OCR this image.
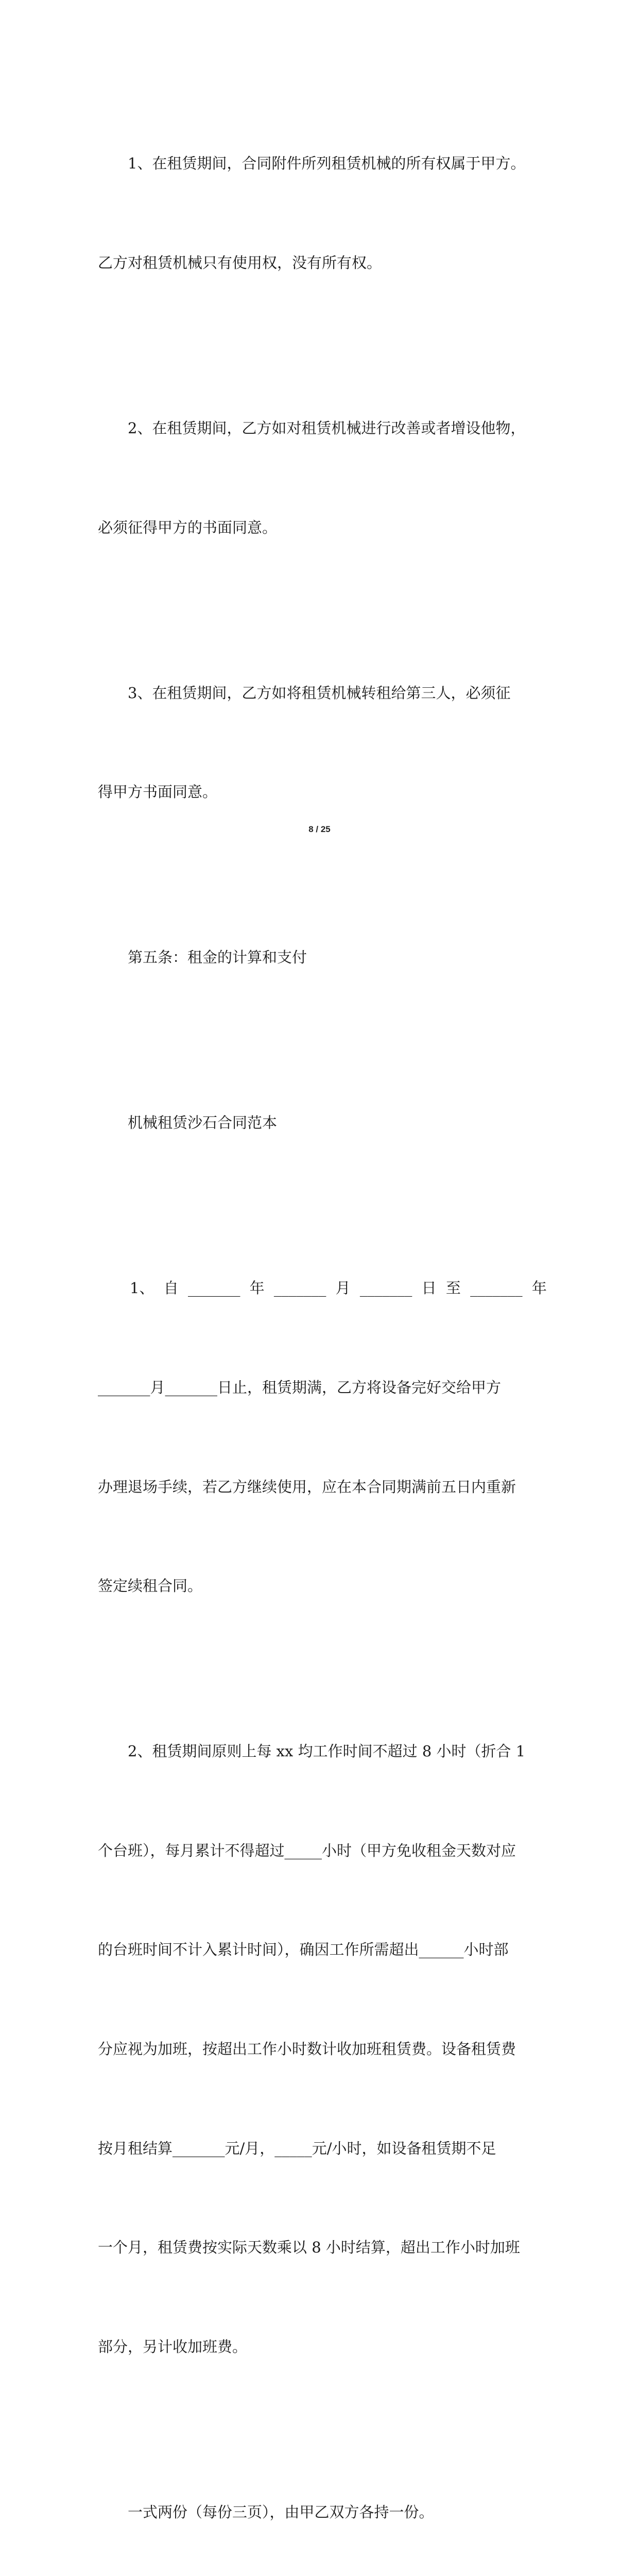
1、在租赁期间，合同附件所列租赁机械的所有权属于甲方。

乙方对租赁机械只有使用权，没有所有权。

2、在租赁期间，乙方如对租赁机械进行改善或者增设他物，

必须征得甲方的书面同意。

3、在租赁期间，乙方如将租赁机械转租给第三人，必须征

得甲方书面同意。

第五条：租金的计算和支付

机械租赁沙石合同范本

1、 自 _______ 年 _______ 月 _______ 日 至 _______ 年

_______月_______日止，租赁期满，乙方将设备完好交给甲方

办理退场手续，若乙方继续使用，应在本合同期满前五日内重新

签定续租合同。

2、租赁期间原则上每 xx 均工作时间不超过 8 小时（折合 1

个台班），每月累计不得超过_____小时（甲方免收租金天数对应

的台班时间不计入累计时间），确因工作所需超出______小时部

分应视为加班，按超出工作小时数计收加班租赁费。设备租赁费

按月租结算_______元/月，_____元/小时，如设备租赁期不足

一个月，租赁费按实际天数乘以 8 小时结算，超出工作小时加班

部分，另计收加班费。

一式两份（每份三页），由甲乙双方各持一份。

8 / 25
